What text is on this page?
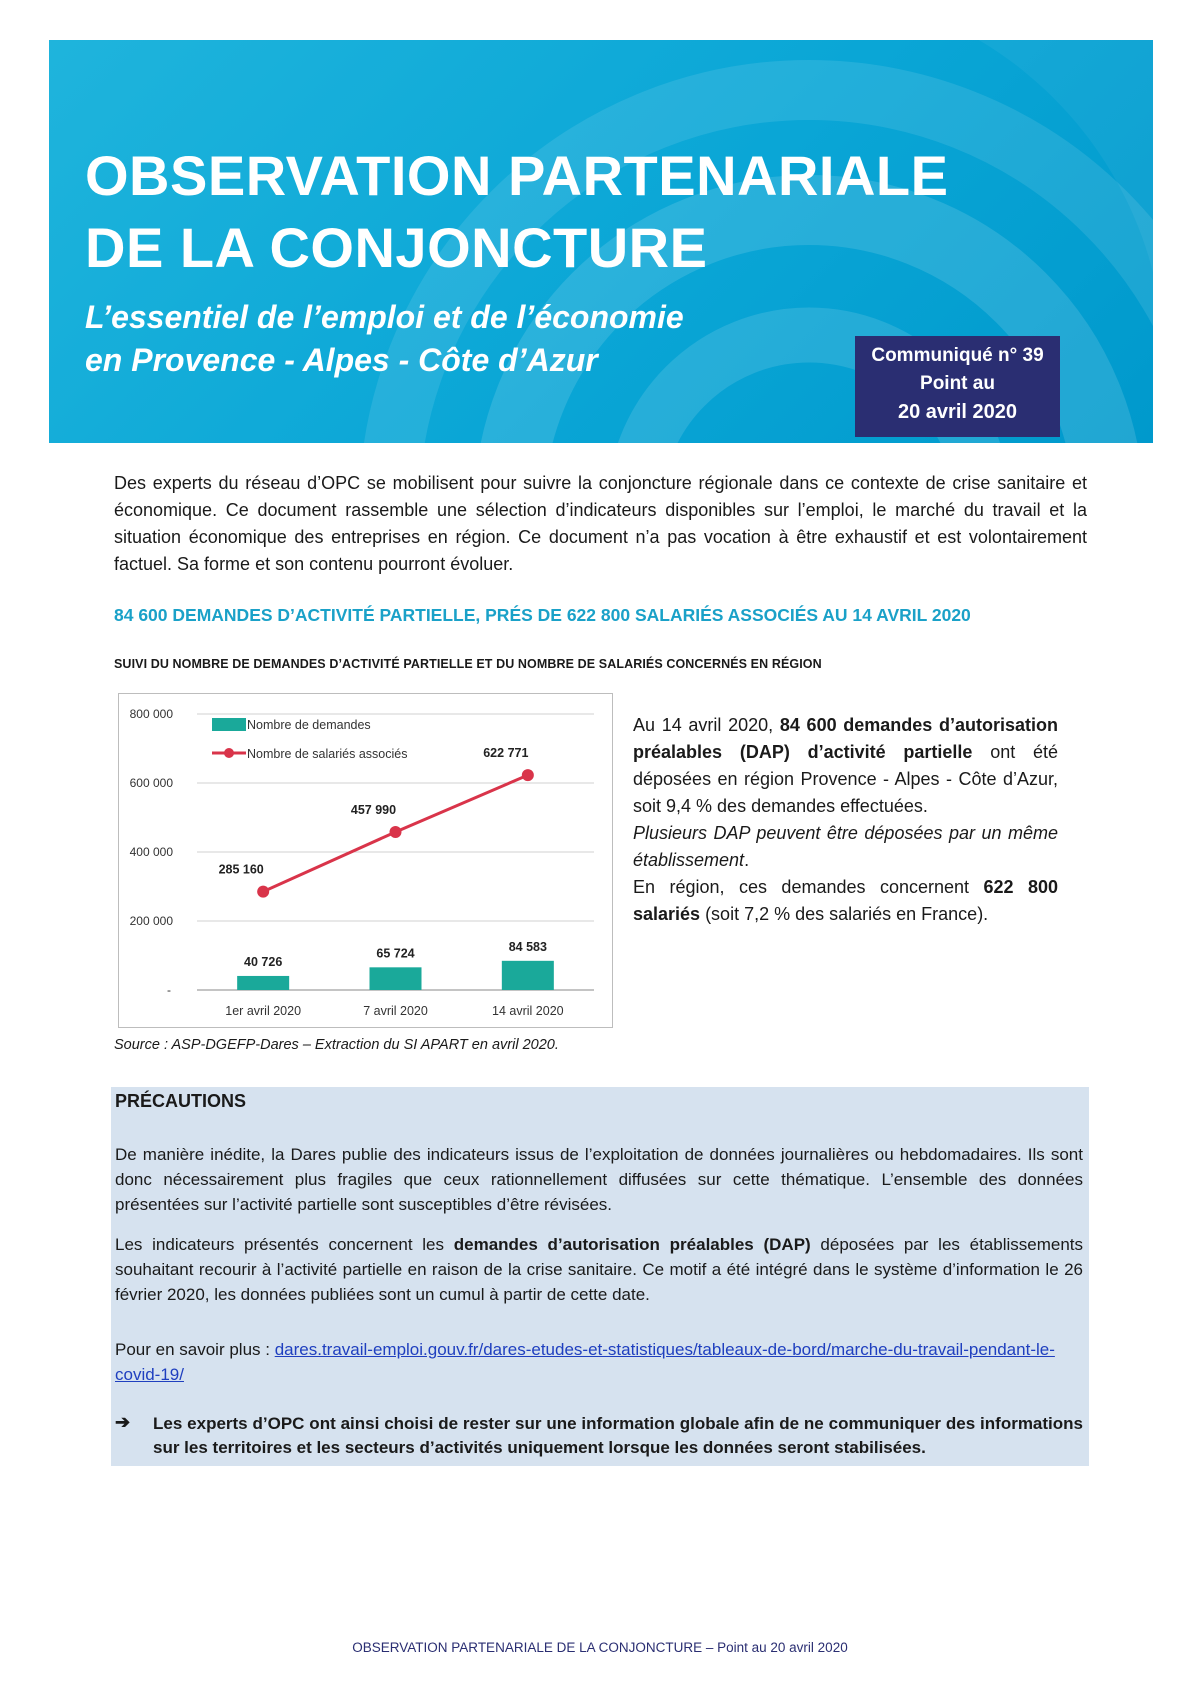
OBSERVATION PARTENARIALE
DE LA CONJONCTURE

L’essentiel de l’emploi et de l’économie
en Provence - Alpes - Côte d’Azur	Communiqué n° 39
Point au
20 avril 2020

Des experts du réseau d’OPC se mobilisent pour suivre la conjoncture régionale dans ce contexte de crise sanitaire et économique. Ce document rassemble une sélection d’indicateurs disponibles sur l’emploi, le marché du travail et la situation économique des entreprises en région. Ce document n’a pas vocation à être exhaustif et est volontairement factuel. Sa forme et son contenu pourront évoluer.

84 600 DEMANDES D’ACTIVITÉ PARTIELLE, PRÉS DE 622 800 SALARIÉS ASSOCIÉS AU 14 AVRIL 2020

SUIVI DU NOMBRE DE DEMANDES D’ACTIVITÉ PARTIELLE ET DU NOMBRE DE SALARIÉS CONCERNÉS EN RÉGION

-
200 000
400 000
600 000
800 000
1er avril 2020	7 avril 2020	14 avril 2020
40 726
65 724	84 583
285 160
457 990
622 771
Nombre de demandes
Nombre de salariés associés

Source : ASP-DGEFP-Dares – Extraction du SI APART en avril 2020.

Au 14 avril 2020, 84 600 demandes d’autorisation préalables (DAP) d’activité partielle ont été déposées en région Provence - Alpes - Côte d’Azur, soit 9,4 % des demandes effectuées.
Plusieurs DAP peuvent être déposées par un même établissement.
En région, ces demandes concernent 622 800 salariés (soit 7,2 % des salariés en France).

PRÉCAUTIONS

De manière inédite, la Dares publie des indicateurs issus de l’exploitation de données journalières ou hebdomadaires. Ils sont donc nécessairement plus fragiles que ceux rationnellement diffusées sur cette thématique. L’ensemble des données présentées sur l’activité partielle sont susceptibles d’être révisées.

Les indicateurs présentés concernent les demandes d’autorisation préalables (DAP) déposées par les établissements souhaitant recourir à l’activité partielle en raison de la crise sanitaire. Ce motif a été intégré dans le système d’information le 26 février 2020, les données publiées sont un cumul à partir de cette date.

Pour en savoir plus : dares.travail-emploi.gouv.fr/dares-etudes-et-statistiques/tableaux-de-bord/marche-du-travail-pendant-le-covid-19/

➔ Les experts d’OPC ont ainsi choisi de rester sur une information globale afin de ne communiquer des informations sur les territoires et les secteurs d’activités uniquement lorsque les données seront stabilisées.

OBSERVATION PARTENARIALE DE LA CONJONCTURE – Point au 20 avril 2020
